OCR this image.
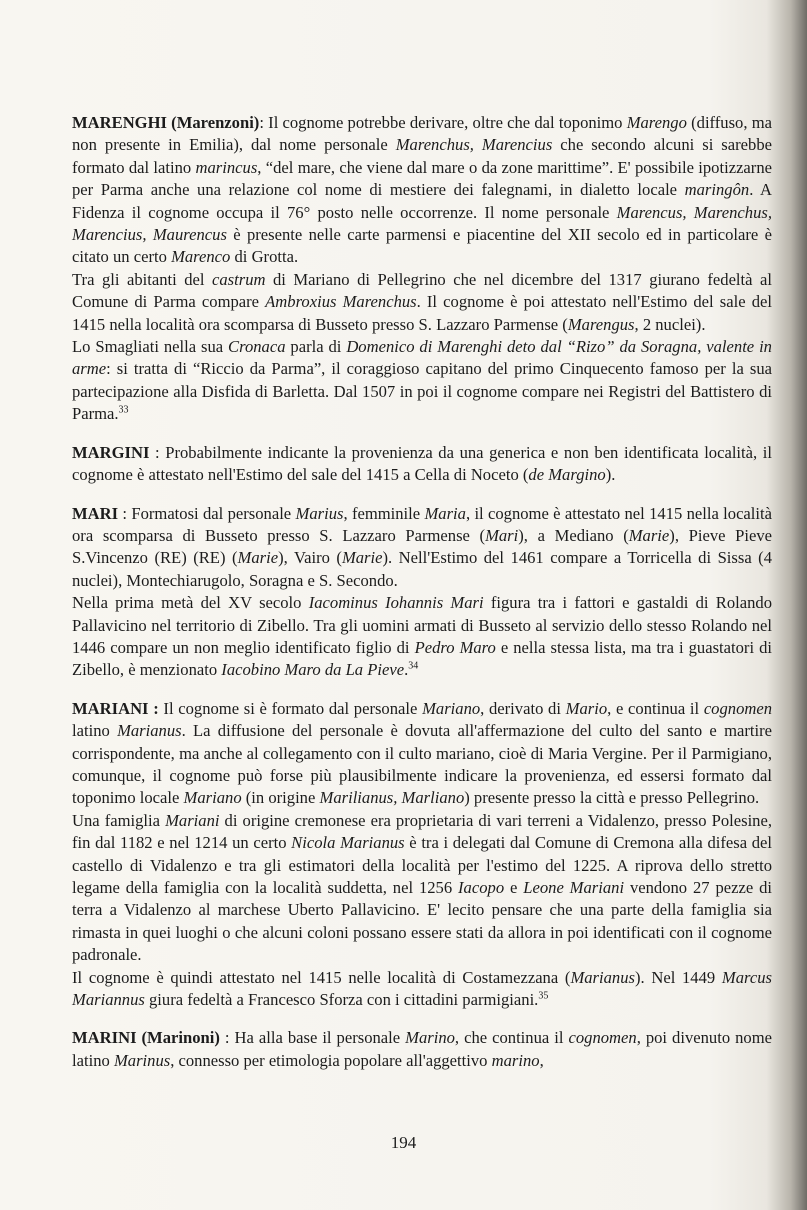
MARENGHI (Marenzoni): Il cognome potrebbe derivare, oltre che dal toponimo Marengo (diffuso, ma non presente in Emilia), dal nome personale Marenchus, Marencius che secondo alcuni si sarebbe formato dal latino marincus, “del mare, che viene dal mare o da zone marittime”. E' possibile ipotizzarne per Parma anche una relazione col nome di mestiere dei falegnami, in dialetto locale maringôn. A Fidenza il cognome occupa il 76° posto nelle occorrenze. Il nome personale Marencus, Marenchus, Marencius, Maurencus è presente nelle carte parmensi e piacentine del XII secolo ed in particolare è citato un certo Marenco di Grotta.

Tra gli abitanti del castrum di Mariano di Pellegrino che nel dicembre del 1317 giurano fedeltà al Comune di Parma compare Ambroxius Marenchus. Il cognome è poi attestato nell'Estimo del sale del 1415 nella località ora scomparsa di Busseto presso S. Lazzaro Parmense (Marengus, 2 nuclei).

Lo Smagliati nella sua Cronaca parla di Domenico di Marenghi deto dal “Rizo” da Soragna, valente in arme: si tratta di “Riccio da Parma”, il coraggioso capitano del primo Cinquecento famoso per la sua partecipazione alla Disfida di Barletta. Dal 1507 in poi il cognome compare nei Registri del Battistero di Parma.$^{33}$

MARGINI : Probabilmente indicante la provenienza da una generica e non ben identificata località, il cognome è attestato nell'Estimo del sale del 1415 a Cella di Noceto (de Margino).

MARI : Formatosi dal personale Marius, femminile Maria, il cognome è attestato nel 1415 nella località ora scomparsa di Busseto presso S. Lazzaro Parmense (Mari), a Mediano (Marie), Pieve Pieve S.Vincenzo (RE) (RE) (Marie), Vairo (Marie). Nell'Estimo del 1461 compare a Torricella di Sissa (4 nuclei), Montechiarugolo, Soragna e S. Secondo.

Nella prima metà del XV secolo Iacominus Iohannis Mari figura tra i fattori e gastaldi di Rolando Pallavicino nel territorio di Zibello. Tra gli uomini armati di Busseto al servizio dello stesso Rolando nel 1446 compare un non meglio identificato figlio di Pedro Maro e nella stessa lista, ma tra i guastatori di Zibello, è menzionato Iacobino Maro da La Pieve.$^{34}$

MARIANI : Il cognome si è formato dal personale Mariano, derivato di Mario, e continua il cognomen latino Marianus. La diffusione del personale è dovuta all'affermazione del culto del santo e martire corrispondente, ma anche al collegamento con il culto mariano, cioè di Maria Vergine. Per il Parmigiano, comunque, il cognome può forse più plausibilmente indicare la provenienza, ed essersi formato dal toponimo locale Mariano (in origine Marilianus, Marliano) presente presso la città e presso Pellegrino.

Una famiglia Mariani di origine cremonese era proprietaria di vari terreni a Vidalenzo, presso Polesine, fin dal 1182 e nel 1214 un certo Nicola Marianus è tra i delegati dal Comune di Cremona alla difesa del castello di Vidalenzo e tra gli estimatori della località per l'estimo del 1225. A riprova dello stretto legame della famiglia con la località suddetta, nel 1256 Iacopo e Leone Mariani vendono 27 pezze di terra a Vidalenzo al marchese Uberto Pallavicino. E' lecito pensare che una parte della famiglia sia rimasta in quei luoghi o che alcuni coloni possano essere stati da allora in poi identificati con il cognome padronale.

Il cognome è quindi attestato nel 1415 nelle località di Costamezzana (Marianus). Nel 1449 Marcus Mariannus giura fedeltà a Francesco Sforza con i cittadini parmigiani.$^{35}$

MARINI (Marinoni) : Ha alla base il personale Marino, che continua il cognomen, poi divenuto nome latino Marinus, connesso per etimologia popolare all'aggettivo marino,

194
